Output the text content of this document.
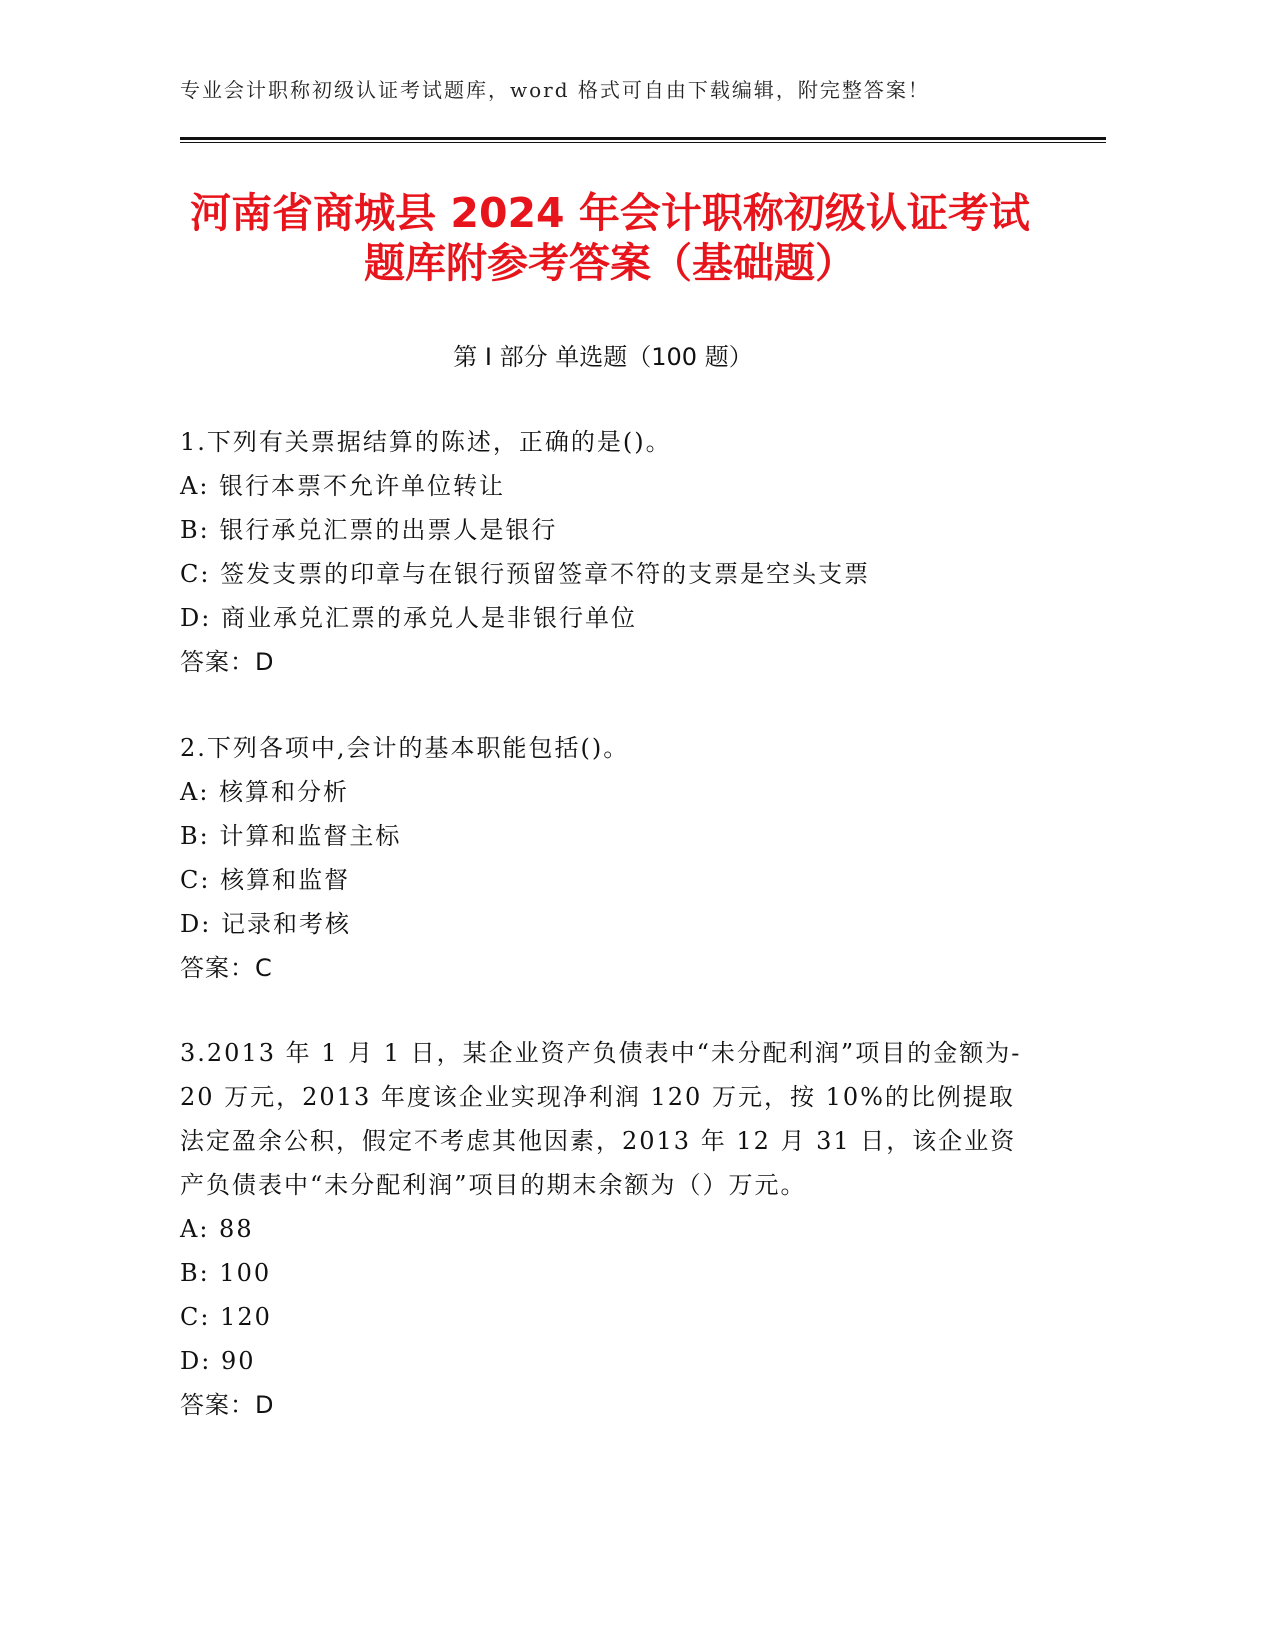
专业会计职称初级认证考试题库，word 格式可自由下载编辑，附完整答案！
河南省商城县 2024 年会计职称初级认证考试
题库附参考答案（基础题）
第 I 部分 单选题（100 题）
1.下列有关票据结算的陈述，正确的是()。
A: 银行本票不允许单位转让
B: 银行承兑汇票的出票人是银行
C: 签发支票的印章与在银行预留签章不符的支票是空头支票
D: 商业承兑汇票的承兑人是非银行单位
答案：D
2.下列各项中,会计的基本职能包括()。
A: 核算和分析
B: 计算和监督主标
C: 核算和监督
D: 记录和考核
答案：C
3.2013 年 1 月 1 日，某企业资产负债表中“未分配利润”项目的金额为-20 万元，2013 年度该企业实现净利润 120 万元，按 10%的比例提取法定盈余公积，假定不考虑其他因素，2013 年 12 月 31 日，该企业资产负债表中“未分配利润”项目的期末余额为（）万元。
A: 88
B: 100
C: 120
D: 90
答案：D
